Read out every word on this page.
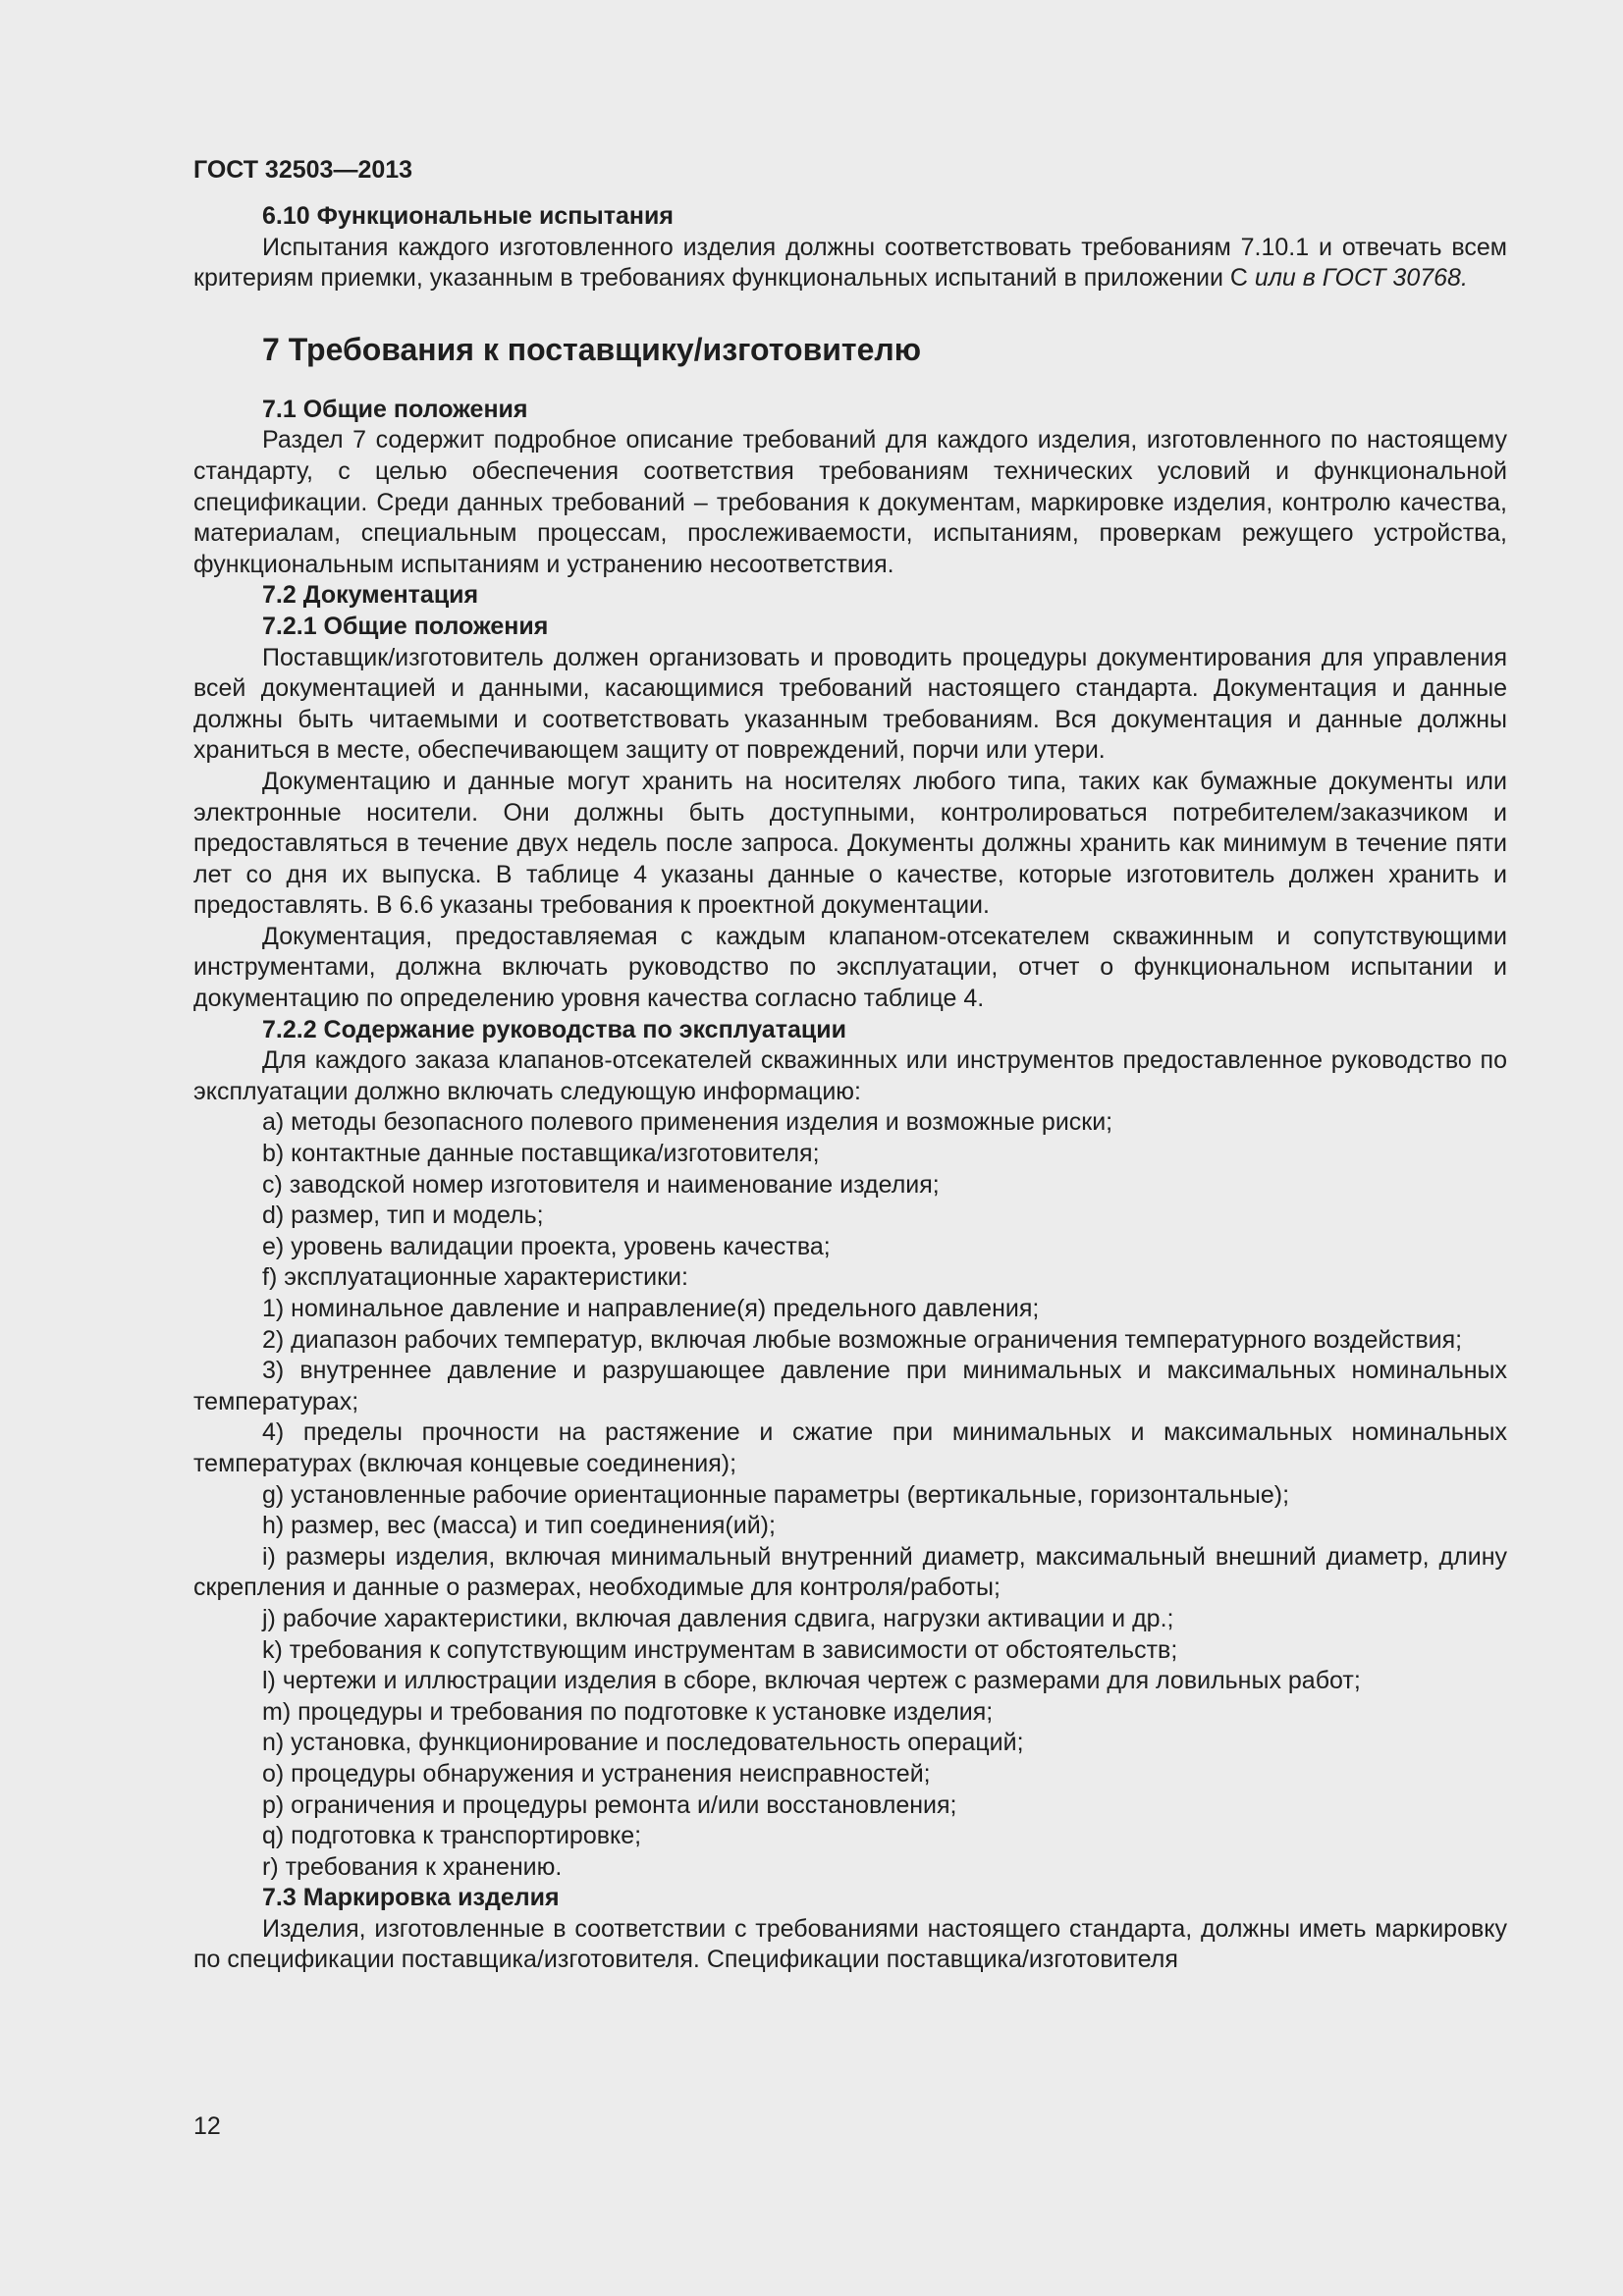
ГОСТ 32503—2013

6.10 Функциональные испытания

Испытания каждого изготовленного изделия должны соответствовать требованиям 7.10.1 и отвечать всем критериям приемки, указанным в требованиях функциональных испытаний в приложении С или в ГОСТ 30768.

7 Требования к поставщику/изготовителю

7.1 Общие положения

Раздел 7 содержит подробное описание требований для каждого изделия, изготовленного по настоящему стандарту, с целью обеспечения соответствия требованиям технических условий и функциональной спецификации. Среди данных требований – требования к документам, маркировке изделия, контролю качества, материалам, специальным процессам, прослеживаемости, испытаниям, проверкам режущего устройства, функциональным испытаниям и устранению несоответствия.

7.2 Документация

7.2.1 Общие положения

Поставщик/изготовитель должен организовать и проводить процедуры документирования для управления всей документацией и данными, касающимися требований настоящего стандарта. Документация и данные должны быть читаемыми и соответствовать указанным требованиям. Вся документация и данные должны храниться в месте, обеспечивающем защиту от повреждений, порчи или утери.

Документацию и данные могут хранить на носителях любого типа, таких как бумажные документы или электронные носители. Они должны быть доступными, контролироваться потребителем/заказчиком и предоставляться в течение двух недель после запроса. Документы должны хранить как минимум в течение пяти лет со дня их выпуска. В таблице 4 указаны данные о качестве, которые изготовитель должен хранить и предоставлять. В 6.6 указаны требования к проектной документации.

Документация, предоставляемая с каждым клапаном-отсекателем скважинным и сопутствующими инструментами, должна включать руководство по эксплуатации, отчет о функциональном испытании и документацию по определению уровня качества согласно таблице 4.

7.2.2 Содержание руководства по эксплуатации

Для каждого заказа клапанов-отсекателей скважинных или инструментов предоставленное руководство по эксплуатации должно включать следующую информацию:

a) методы безопасного полевого применения изделия и возможные риски;

b) контактные данные поставщика/изготовителя;

c) заводской номер изготовителя и наименование изделия;

d) размер, тип и модель;

e) уровень валидации проекта, уровень качества;

f) эксплуатационные характеристики:

1) номинальное давление и направление(я) предельного давления;

2) диапазон рабочих температур, включая любые возможные ограничения температурного воздействия;

3) внутреннее давление и разрушающее давление при минимальных и максимальных номинальных температурах;

4) пределы прочности на растяжение и сжатие при минимальных и максимальных номинальных температурах (включая концевые соединения);

g) установленные рабочие ориентационные параметры (вертикальные, горизонтальные);

h) размер, вес (масса) и тип соединения(ий);

i) размеры изделия, включая минимальный внутренний диаметр, максимальный внешний диаметр, длину скрепления и данные о размерах, необходимые для контроля/работы;

j) рабочие характеристики, включая давления сдвига, нагрузки активации и др.;

k) требования к сопутствующим инструментам в зависимости от обстоятельств;

l) чертежи и иллюстрации изделия в сборе, включая чертеж с размерами для ловильных работ;

m) процедуры и требования по подготовке к установке изделия;

n) установка, функционирование и последовательность операций;

o) процедуры обнаружения и устранения неисправностей;

p) ограничения и процедуры ремонта и/или восстановления;

q) подготовка к транспортировке;

r) требования к хранению.

7.3 Маркировка изделия

Изделия, изготовленные в соответствии с требованиями настоящего стандарта, должны иметь маркировку по спецификации поставщика/изготовителя. Спецификации поставщика/изготовителя

12
